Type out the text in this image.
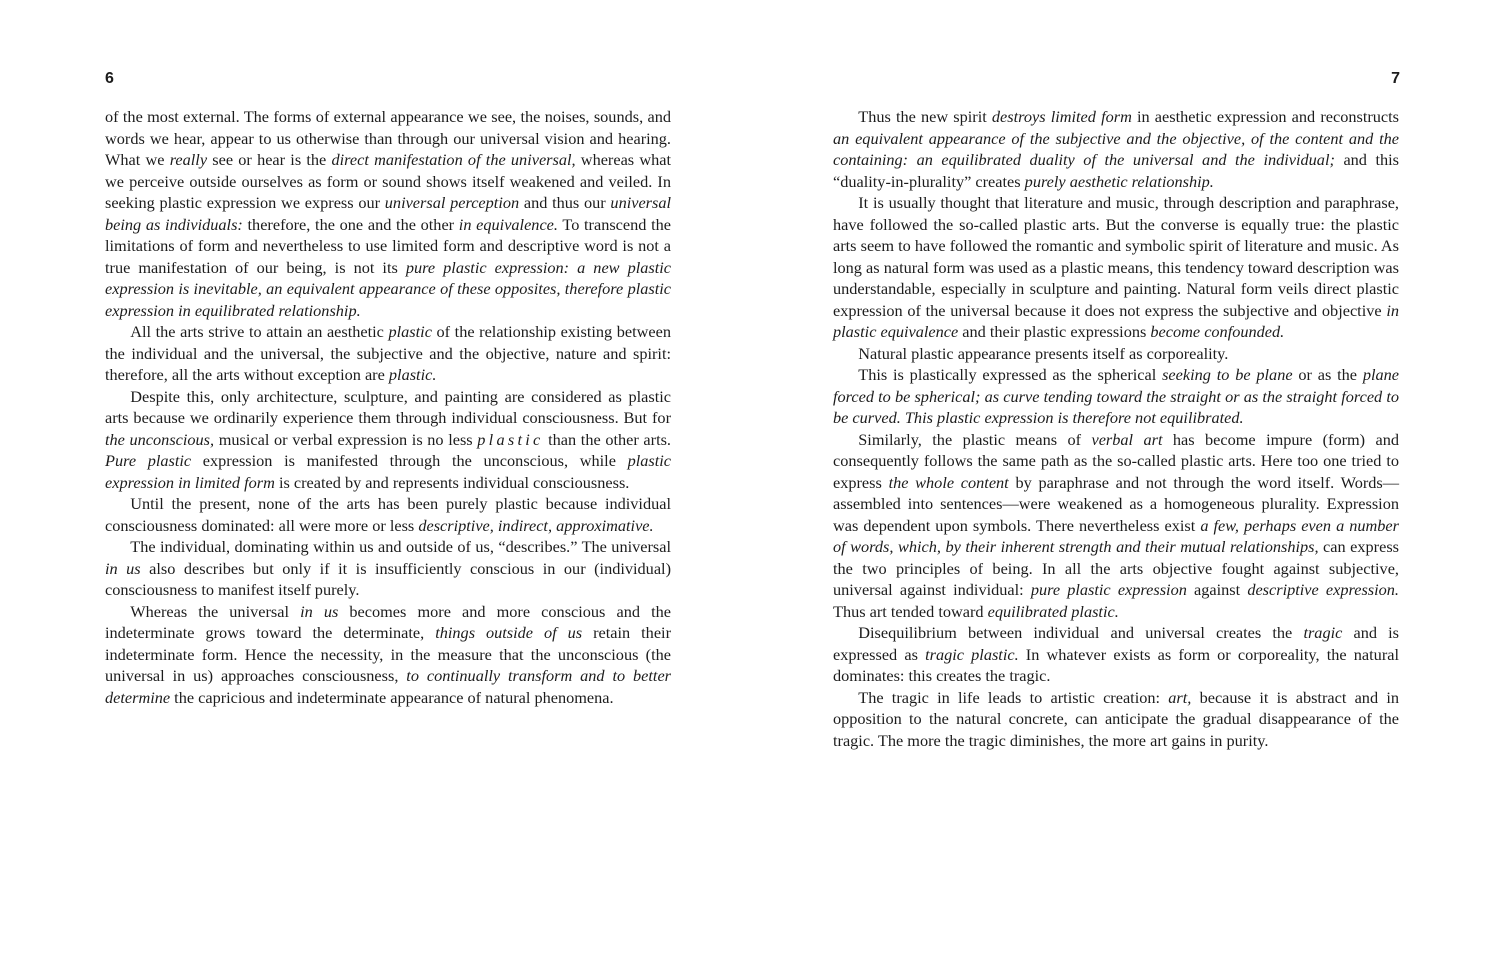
6

of the most external. The forms of external appearance we see, the noises, sounds, and words we hear, appear to us otherwise than through our universal vision and hearing. What we really see or hear is the direct manifestation of the universal, whereas what we perceive outside ourselves as form or sound shows itself weakened and veiled. In seeking plastic expression we express our universal perception and thus our universal being as individuals: therefore, the one and the other in equivalence. To transcend the limitations of form and nevertheless to use limited form and descriptive word is not a true manifestation of our being, is not its pure plastic expression: a new plastic expression is inevitable, an equivalent appearance of these opposites, therefore plastic expression in equilibrated relationship.

All the arts strive to attain an aesthetic plastic of the relationship existing between the individual and the universal, the subjective and the objective, nature and spirit: therefore, all the arts without exception are plastic.

Despite this, only architecture, sculpture, and painting are considered as plastic arts because we ordinarily experience them through individual consciousness. But for the unconscious, musical or verbal expression is no less plastic than the other arts. Pure plastic expression is manifested through the unconscious, while plastic expression in limited form is created by and represents individual consciousness.

Until the present, none of the arts has been purely plastic because individual consciousness dominated: all were more or less descriptive, indirect, approximative.

The individual, dominating within us and outside of us, “describes.” The universal in us also describes but only if it is insufficiently conscious in our (individual) consciousness to manifest itself purely.

Whereas the universal in us becomes more and more conscious and the indeterminate grows toward the determinate, things outside of us retain their indeterminate form. Hence the necessity, in the measure that the unconscious (the universal in us) approaches consciousness, to continually transform and to better determine the capricious and indeterminate appearance of natural phenomena.

7

Thus the new spirit destroys limited form in aesthetic expression and reconstructs an equivalent appearance of the subjective and the objective, of the content and the containing: an equilibrated duality of the universal and the individual; and this “duality-in-plurality” creates purely aesthetic relationship.

It is usually thought that literature and music, through description and paraphrase, have followed the so-called plastic arts. But the converse is equally true: the plastic arts seem to have followed the romantic and symbolic spirit of literature and music. As long as natural form was used as a plastic means, this tendency toward description was understandable, especially in sculpture and painting. Natural form veils direct plastic expression of the universal because it does not express the subjective and objective in plastic equivalence and their plastic expressions become confounded.

Natural plastic appearance presents itself as corporeality.

This is plastically expressed as the spherical seeking to be plane or as the plane forced to be spherical; as curve tending toward the straight or as the straight forced to be curved. This plastic expression is therefore not equilibrated.

Similarly, the plastic means of verbal art has become impure (form) and consequently follows the same path as the so-called plastic arts. Here too one tried to express the whole content by paraphrase and not through the word itself. Words—assembled into sentences—were weakened as a homogeneous plurality. Expression was dependent upon symbols. There nevertheless exist a few, perhaps even a number of words, which, by their inherent strength and their mutual relationships, can express the two principles of being. In all the arts objective fought against subjective, universal against individual: pure plastic expression against descriptive expression. Thus art tended toward equilibrated plastic.

Disequilibrium between individual and universal creates the tragic and is expressed as tragic plastic. In whatever exists as form or corporeality, the natural dominates: this creates the tragic.

The tragic in life leads to artistic creation: art, because it is abstract and in opposition to the natural concrete, can anticipate the gradual disappearance of the tragic. The more the tragic diminishes, the more art gains in purity.
